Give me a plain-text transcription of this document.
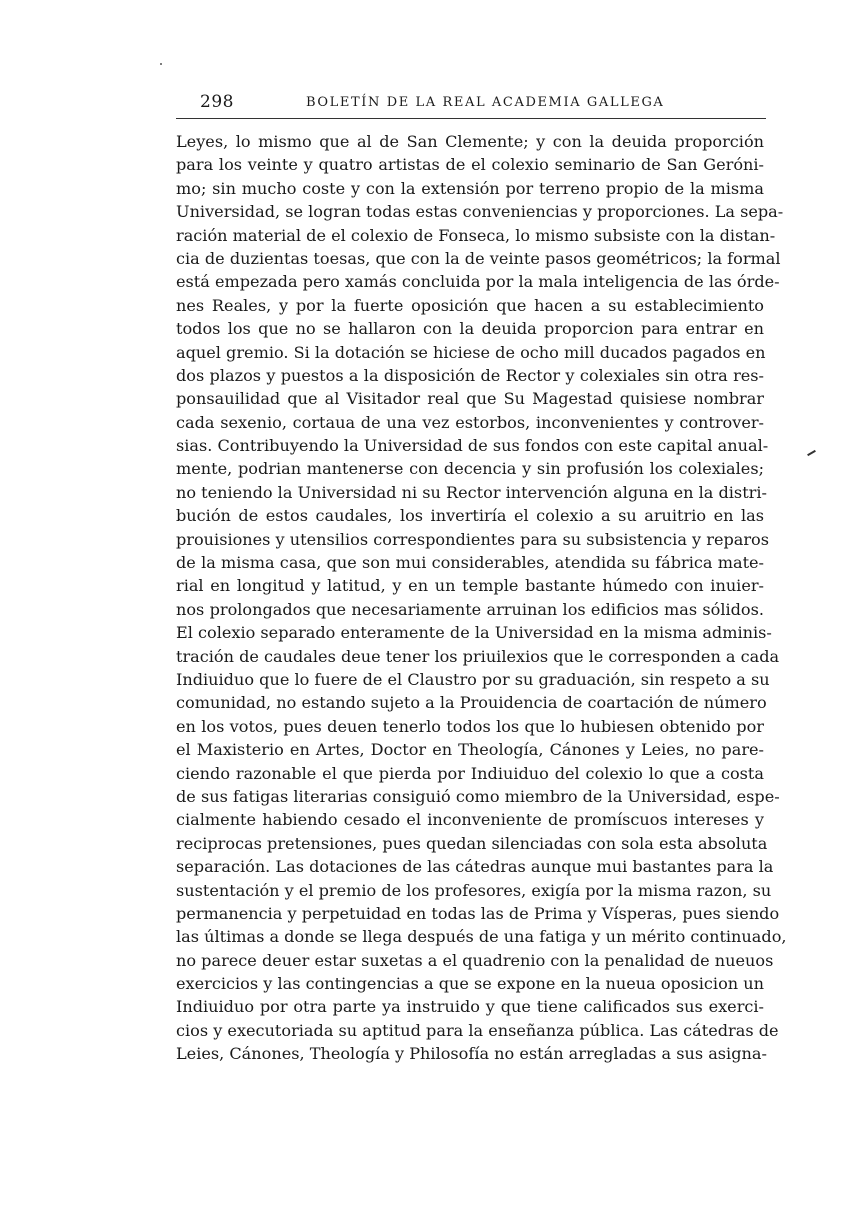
298	BOLETÍN DE LA REAL ACADEMIA GALLEGA
Leyes, lo mismo que al de San Clemente; y con la deuida proporción
para los veinte y quatro artistas de el colexio seminario de San Geróni-
mo; sin mucho coste y con la extensión por terreno propio de la misma
Universidad, se logran todas estas conveniencias y proporciones. La sepa-
ración material de el colexio de Fonseca, lo mismo subsiste con la distan-
cia de duzientas toesas, que con la de veinte pasos geométricos; la formal
está empezada pero xamás concluida por la mala inteligencia de las órde-
nes Reales, y por la fuerte oposición que hacen a su establecimiento
todos los que no se hallaron con la deuida proporcion para entrar en
aquel gremio. Si la dotación se hiciese de ocho mill ducados pagados en
dos plazos y puestos a la disposición de Rector y colexiales sin otra res-
ponsauilidad que al Visitador real que Su Magestad quisiese nombrar
cada sexenio, cortaua de una vez estorbos, inconvenientes y controver-
sias. Contribuyendo la Universidad de sus fondos con este capital anual-
mente, podrian mantenerse con decencia y sin profusión los colexiales;
no teniendo la Universidad ni su Rector intervención alguna en la distri-
bución de estos caudales, los invertiría el colexio a su aruitrio en las
prouisiones y utensilios correspondientes para su subsistencia y reparos
de la misma casa, que son mui considerables, atendida su fábrica mate-
rial en longitud y latitud, y en un temple bastante húmedo con inuier-
nos prolongados que necesariamente arruinan los edificios mas sólidos.
El colexio separado enteramente de la Universidad en la misma adminis-
tración de caudales deue tener los priuilexios que le corresponden a cada
Indiuiduo que lo fuere de el Claustro por su graduación, sin respeto a su
comunidad, no estando sujeto a la Prouidencia de coartación de número
en los votos, pues deuen tenerlo todos los que lo hubiesen obtenido por
el Maxisterio en Artes, Doctor en Theología, Cánones y Leies, no pare-
ciendo razonable el que pierda por Indiuiduo del colexio lo que a costa
de sus fatigas literarias consiguió como miembro de la Universidad, espe-
cialmente habiendo cesado el inconveniente de promíscuos intereses y
reciprocas pretensiones, pues quedan silenciadas con sola esta absoluta
separación. Las dotaciones de las cátedras aunque mui bastantes para la
sustentación y el premio de los profesores, exigía por la misma razon, su
permanencia y perpetuidad en todas las de Prima y Vísperas, pues siendo
las últimas a donde se llega después de una fatiga y un mérito continuado,
no parece deuer estar suxetas a el quadrenio con la penalidad de nueuos
exercicios y las contingencias a que se expone en la nueua oposicion un
Indiuiduo por otra parte ya instruido y que tiene calificados sus exerci-
cios y executoriada su aptitud para la enseñanza pública. Las cátedras de
Leies, Cánones, Theología y Philosofía no están arregladas a sus asigna-
